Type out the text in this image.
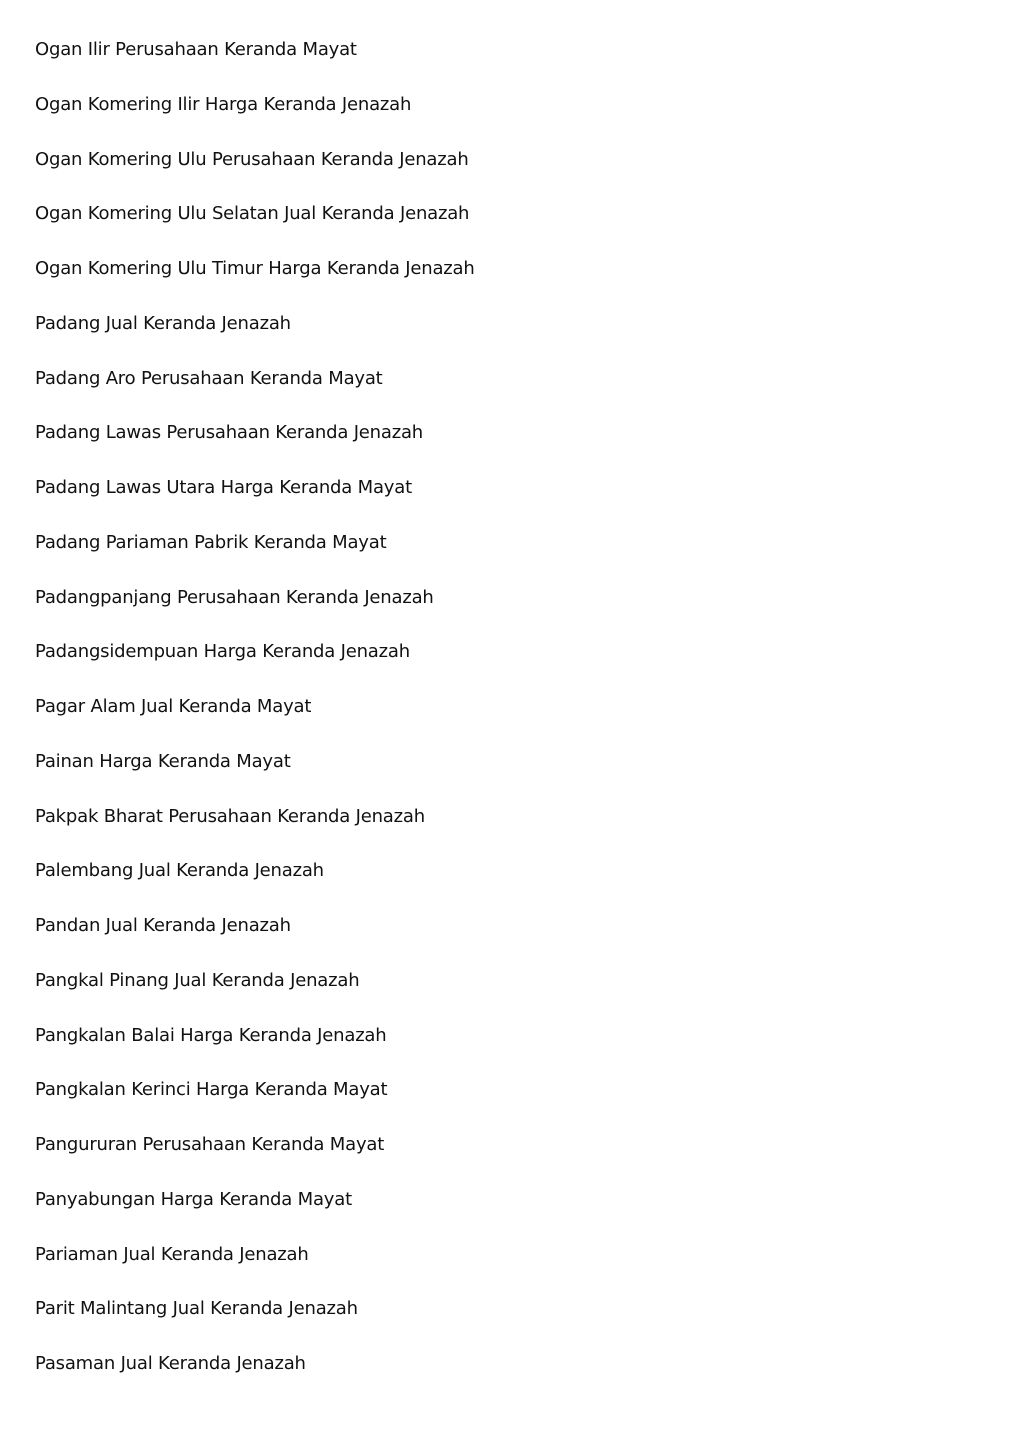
Ogan Ilir Perusahaan Keranda Mayat
Ogan Komering Ilir Harga Keranda Jenazah
Ogan Komering Ulu Perusahaan Keranda Jenazah
Ogan Komering Ulu Selatan Jual Keranda Jenazah
Ogan Komering Ulu Timur Harga Keranda Jenazah
Padang Jual Keranda Jenazah
Padang Aro Perusahaan Keranda Mayat
Padang Lawas Perusahaan Keranda Jenazah
Padang Lawas Utara Harga Keranda Mayat
Padang Pariaman Pabrik Keranda Mayat
Padangpanjang Perusahaan Keranda Jenazah
Padangsidempuan Harga Keranda Jenazah
Pagar Alam Jual Keranda Mayat
Painan Harga Keranda Mayat
Pakpak Bharat Perusahaan Keranda Jenazah
Palembang Jual Keranda Jenazah
Pandan Jual Keranda Jenazah
Pangkal Pinang Jual Keranda Jenazah
Pangkalan Balai Harga Keranda Jenazah
Pangkalan Kerinci Harga Keranda Mayat
Pangururan Perusahaan Keranda Mayat
Panyabungan Harga Keranda Mayat
Pariaman Jual Keranda Jenazah
Parit Malintang Jual Keranda Jenazah
Pasaman Jual Keranda Jenazah
